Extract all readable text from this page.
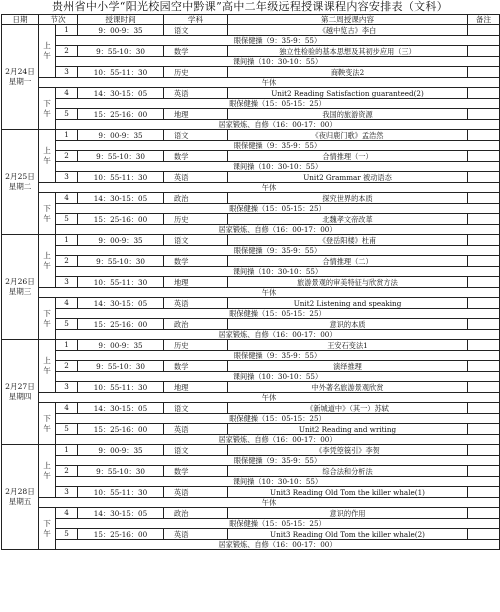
贵州省中小学“阳光校园空中黔课”高中二年级远程授课课程内容安排表（文科）
日期	节次		授课时间	学科	第二周授课内容	备注

2月24日
星期一	上午	1	9：00-9：35	语文	《越中览古》李白	
		眼保健操（9：35-9：55）				
		2	9：55-10：30	数学	独立性检验的基本思想及其初步应用（三）	
		课间操（10：30-10：55）				
		3	10：55-11：30	历史	商鞅变法2	
	午休					
	下午	4	14：30-15：05	英语	Unit2 Reading Satisfaction guaranteed(2)	
		眼保健操（15：05-15：25）				
		5	15：25-16：00	地理	我国的旅游资源	
		居家锻炼、自修（16：00-17：00）				

2月25日
星期二	上午	1	9：00-9：35	语文	《夜归鹿门歌》孟浩然	
		眼保健操（9：35-9：55）				
		2	9：55-10：30	数学	合情推理（一）	
		课间操（10：30-10：55）				
		3	10：55-11：30	英语	Unit2 Grammar 被动语态	
	午休					
	下午	4	14：30-15：05	政治	探究世界的本质	
		眼保健操（15：05-15：25）				
		5	15：25-16：00	历史	北魏孝文帝改革	
		居家锻炼、自修（16：00-17：00）				

2月26日
星期三	上午	1	9：00-9：35	语文	《登岳阳楼》杜甫	
		眼保健操（9：35-9：55）				
		2	9：55-10：30	数学	合情推理（二）	
		课间操（10：30-10：55）				
		3	10：55-11：30	地理	旅游景观的审美特征与欣赏方法	
	午休					
	下午	4	14：30-15：05	英语	Unit2 Listening and speaking	
		眼保健操（15：05-15：25）				
		5	15：25-16：00	政治	意识的本质	
		居家锻炼、自修（16：00-17：00）				

2月27日
星期四	上午	1	9：00-9：35	历史	王安石变法1	
		眼保健操（9：35-9：55）				
		2	9：55-10：30	数学	演绎推理	
		课间操（10：30-10：55）				
		3	10：55-11：30	地理	中外著名旅游景观欣赏	
	午休					
	下午	4	14：30-15：05	语文	《新城道中》（其一）苏轼	
		眼保健操（15：05-15：25）				
		5	15：25-16：00	英语	Unit2 Reading and writing	
		居家锻炼、自修（16：00-17：00）				

2月28日
星期五	上午	1	9：00-9：35	语文	《李凭箜篌引》李贺	
		眼保健操（9：35-9：55）				
		2	9：55-10：30	数学	综合法和分析法	
		课间操（10：30-10：55）				
		3	10：55-11：30	英语	Unit3 Reading Old Tom the killer whale(1)	
	午休					
	下午	4	14：30-15：05	政治	意识的作用	
		眼保健操（15：05-15：25）				
		5	15：25-16：00	英语	Unit3 Reading Old Tom the killer whale(2)	
		居家锻炼、自修（16：00-17：00）				
